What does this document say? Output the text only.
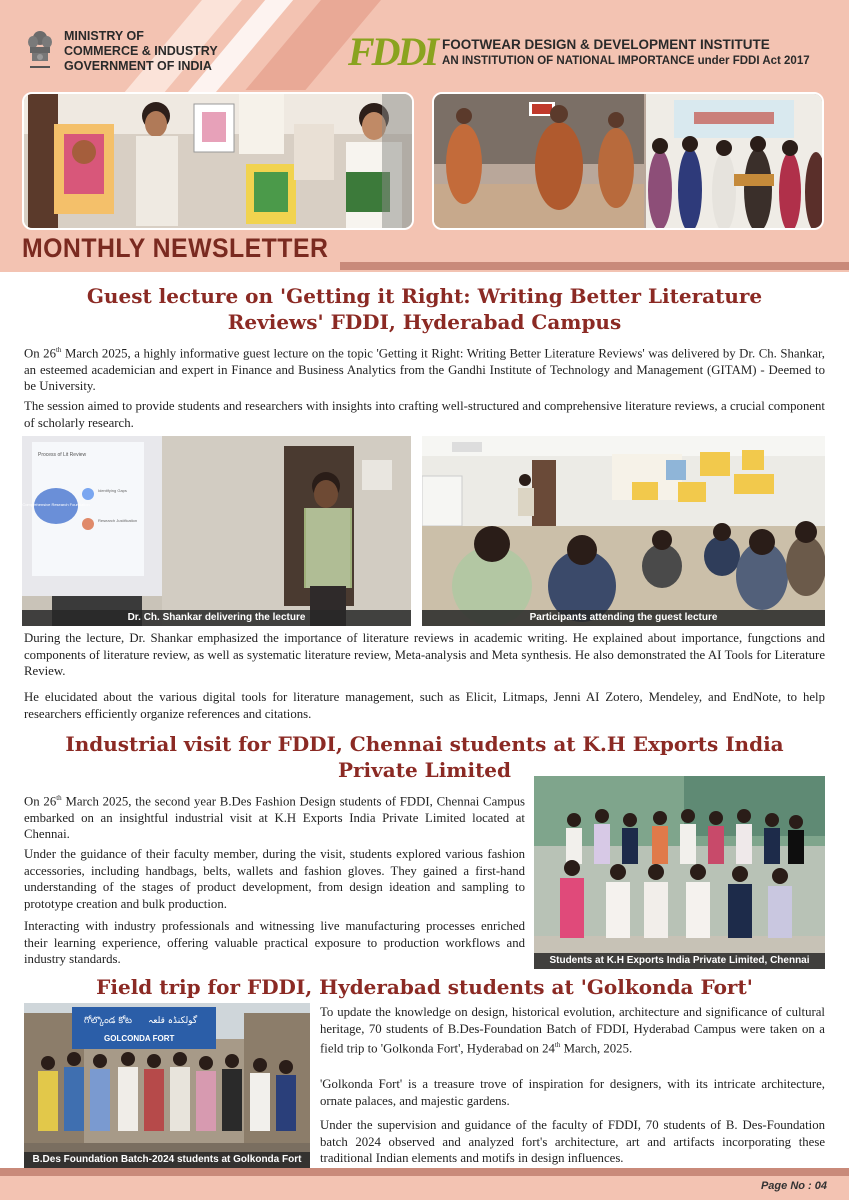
MINISTRY OF
COMMERCE & INDUSTRY
GOVERNMENT OF INDIA	FDDI FOOTWEAR DESIGN & DEVELOPMENT INSTITUTE
AN INSTITUTION OF NATIONAL IMPORTANCE under FDDI Act 2017
MONTHLY NEWSLETTER
Guest lecture on 'Getting it Right: Writing Better Literature
Reviews' FDDI, Hyderabad Campus

On 26th March 2025, a highly informative guest lecture on the topic 'Getting it Right: Writing Better Literature Reviews' was delivered by Dr. Ch. Shankar, an esteemed academician and expert in Finance and Business Analytics from the Gandhi Institute of Technology and Management (GITAM) - Deemed to be University.

The session aimed to provide students and researchers with insights into crafting well-structured and comprehensive literature reviews, a crucial component of scholarly research.

Process of Lit Review
Comprehensive Research Foundation
Identifying Gaps
Research Justification
Dr. Ch. Shankar delivering the lecture	Participants attending the guest lecture

During the lecture, Dr. Shankar emphasized the importance of literature reviews in academic writing. He explained about importance, fungctions and components of literature review, as well as systematic literature review, Meta-analysis and Meta synthesis. He also demonstrated the AI Tools for Literature Review.

He elucidated about the various digital tools for literature management, such as Elicit, Litmaps, Jenni AI Zotero, Mendeley, and EndNote, to help researchers efficiently organize references and citations.

Industrial visit for FDDI, Chennai students at K.H Exports India
Private Limited

On 26th March 2025, the second year B.Des Fashion Design students of FDDI, Chennai Campus embarked on an insightful industrial visit at K.H Exports India Private Limited located at Chennai.

Under the guidance of their faculty member, during the visit, students explored various fashion accessories, including handbags, belts, wallets and fashion gloves. They gained a first-hand understanding of the stages of product development, from design ideation and sampling to prototype creation and bulk production.

Interacting with industry professionals and witnessing live manufacturing processes enriched their learning experience, offering valuable practical exposure to production workflows and industry standards.	Students at K.H Exports India Private Limited, Chennai
Field trip for FDDI, Hyderabad students at 'Golkonda Fort'
గోల్కొండ కోట گولکنڈہ قلعہ
GOLCONDA FORT
B.Des Foundation Batch-2024 students at Golkonda Fort

To update the knowledge on design, historical evolution, architecture and significance of cultural heritage, 70 students of B.Des-Foundation Batch of FDDI, Hyderabad Campus were taken on a field trip to 'Golkonda Fort', Hyderabad on 24th March, 2025.

'Golkonda Fort' is a treasure trove of inspiration for designers, with its intricate architecture, ornate palaces, and majestic gardens.

Under the supervision and guidance of the faculty of FDDI, 70 students of B. Des-Foundation batch 2024 observed and analyzed fort's architecture, art and artifacts incorporating these traditional Indian elements and motifs in design influences.

Page No : 04
